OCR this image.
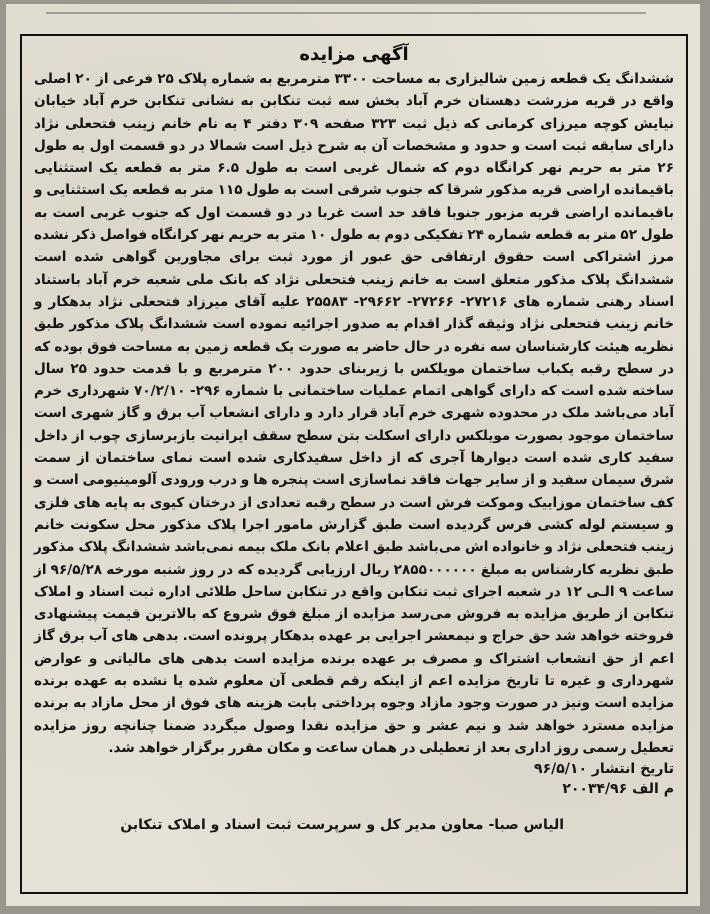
آگهی مزایده

ششدانگ یک قطعه زمین شالیزاری به مساحت ۳۳۰۰ مترمربع به شماره پلاک ۲۵ فرعی از ۲۰ اصلی واقع در قریه مزرشت دهستان خرم آباد بخش سه ثبت تنکابن به نشانی تنکابن خرم آباد خیابان نیایش کوچه میرزای کرمانی که ذیل ثبت ۳۲۳ صفحه ۳۰۹ دفتر ۴ به نام خانم زینب فتحعلی نژاد دارای سابقه ثبت است و حدود و مشخصات آن به شرح ذیل است شمالا در دو قسمت اول به طول ۲۶ متر به حریم نهر کرانگاه دوم که شمال غربی است به طول ۶.۵ متر به قطعه یک استثنایی باقیمانده اراضی قریه مذکور شرقا که جنوب شرقی است به طول ۱۱۵ متر به قطعه یک استثنایی و باقیمانده اراضی قریه مزبور جنوبا فاقد حد است غربا در دو قسمت اول که جنوب غربی است به طول ۵۲ متر به قطعه شماره ۲۴ تفکیکی دوم به طول ۱۰ متر به حریم نهر کرانگاه فواصل ذکر نشده مرز اشتراکی است حقوق ارتفاقی حق عبور از مورد ثبت برای مجاورین گواهی شده است ششدانگ پلاک مذکور متعلق است به خانم زینب فتحعلی نژاد که بانک ملی شعبه خرم آباد باستناد اسناد رهنی شماره های ۲۷۲۱۶- ۲۷۲۶۶- ۲۹۶۶۲- ۲۵۵۸۳ علیه آقای میرزاد فتحعلی نژاد بدهکار و خانم زینب فتحعلی نژاد وثیقه گذار اقدام به صدور اجرائیه نموده است ششدانگ پلاک مذکور طبق نظریه هیئت کارشناسان سه نفره در حال حاضر به صورت یک قطعه زمین به مساحت فوق بوده که در سطح رقبه یکباب ساختمان مویلکس با زیربنای حدود ۲۰۰ مترمربع و با قدمت حدود ۲۵ سال ساخته شده است که دارای گواهی اتمام عملیات ساختمانی با شماره ۲۹۶- ۷۰/۲/۱۰ شهرداری خرم آباد می‌باشد ملک در محدوده شهری خرم آباد قرار دارد و دارای انشعاب آب برق و گاز شهری است ساختمان موجود بصورت مویلکس دارای اسکلت بتن سطح سقف ایرانیت بازبرسازی چوب از داخل سفید کاری شده است دیوارها آجری که از داخل سفیدکاری شده است نمای ساختمان از سمت شرق سیمان سفید و از سایر جهات فاقد نماسازی است پنجره ها و درب ورودی آلومینیومی است و کف ساختمان موزاییک وموکت فرش است در سطح رقبه تعدادی از درختان کیوی به پایه های فلزی و سیستم لوله کشی فرس گردیده است طبق گزارش مامور اجرا پلاک مذکور محل سکونت خانم زینب فتحعلی نژاد و خانواده اش می‌باشد طبق اعلام بانک ملک بیمه نمی‌باشد ششدانگ پلاک مذکور طبق نظریه کارشناس به مبلغ ۲۸۵۵۰۰۰۰۰۰ ریال ارزیابی گردیده که در روز شنبه مورخه ۹۶/۵/۲۸ از ساعت ۹ الـی ۱۲ در شعبه اجرای ثبت تنکابن واقع در تنکابن ساحل طلائی اداره ثبت اسناد و املاک تنکابن از طریق مزایده به فروش می‌رسد مزایده از مبلغ فوق شروع که بالاترین قیمت پیشنهادی فروخته خواهد شد حق حراج و نیمعشر اجرایی بر عهده بدهکار پرونده است. بدهی های آب برق گاز اعم از حق انشعاب اشتراک و مصرف بر عهده برنده مزایده است بدهی های مالیاتی و عوارض شهرداری و غیره تا تاریخ مزایده اعم از اینکه رقم قطعی آن معلوم شده یا نشده به عهده برنده مزایده است ونیز در صورت وجود مازاد وجوه پرداختی بابت هزینه های فوق از محل مازاد به برنده مزایده مسترد خواهد شد و نیم عشر و حق مزایده نقدا وصول میگردد ضمنا چنانچه روز مزایده تعطیل رسمی روز اداری بعد از تعطیلی در همان ساعت و مکان مقرر برگزار خواهد شد.

تاریخ انتشار ۹۶/۵/۱۰

م الف ۲۰۰۳۴/۹۶

الیاس صبا- معاون مدیر کل و سرپرست ثبت اسناد و املاک تنکابن
